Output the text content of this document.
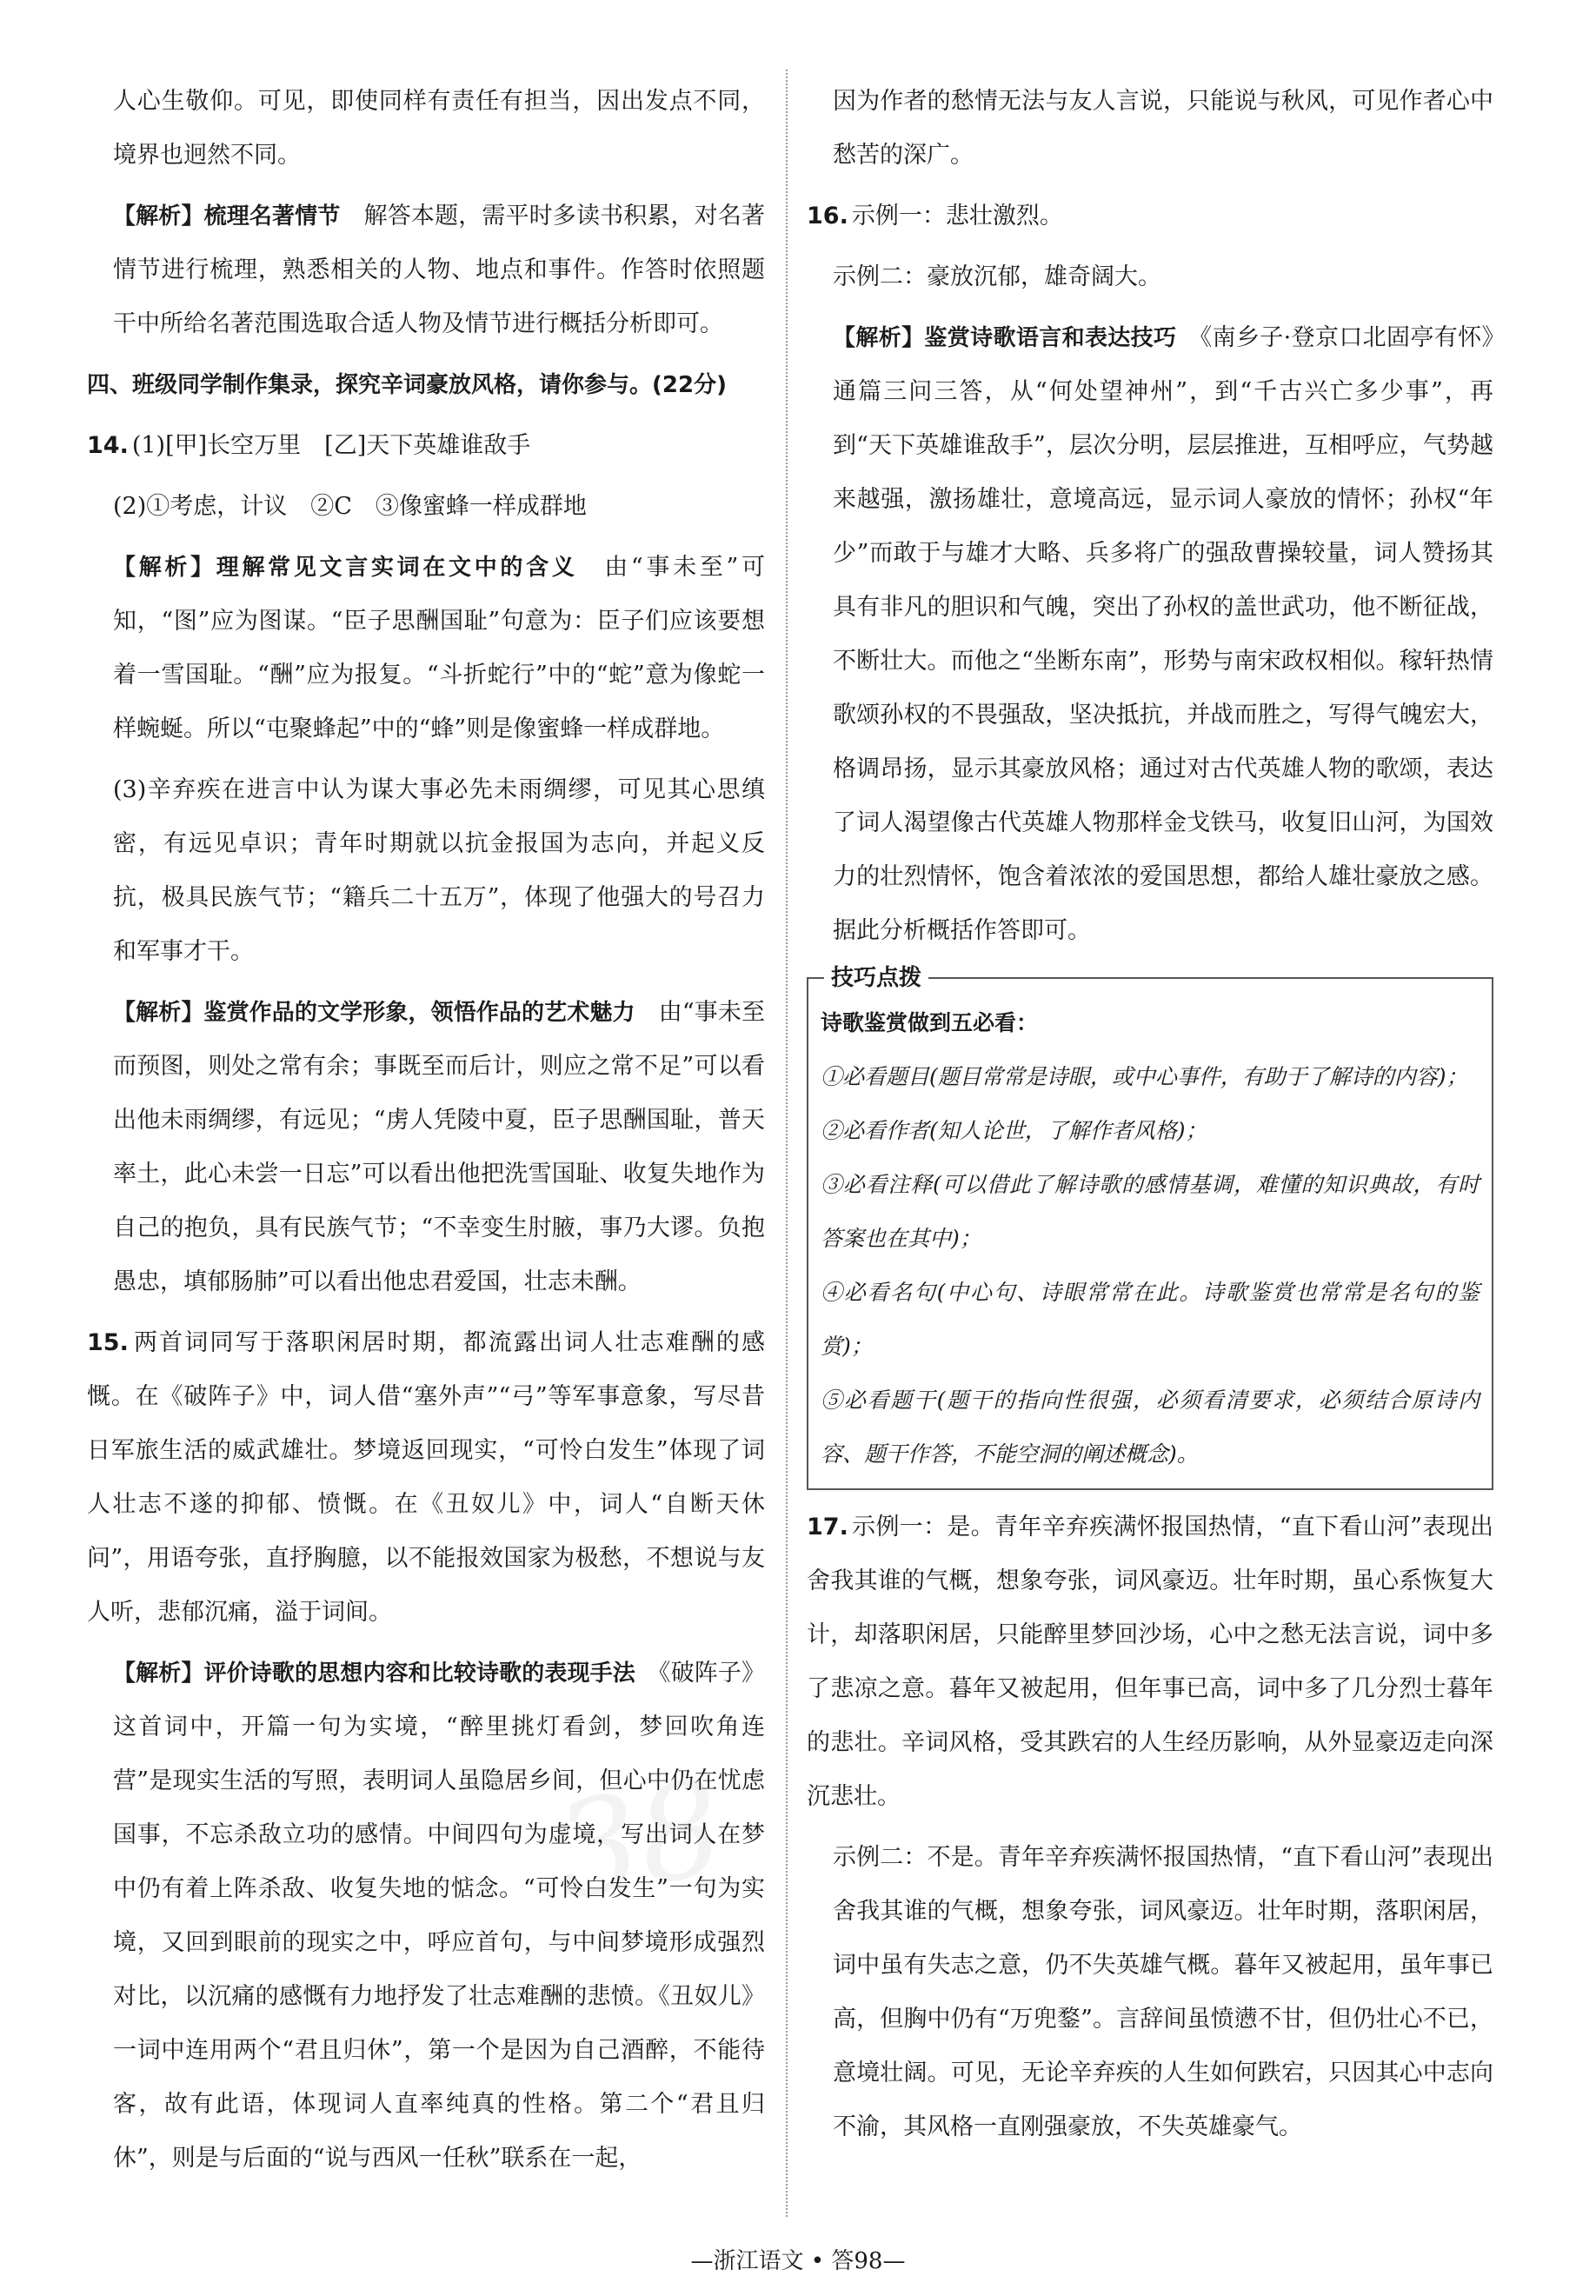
38

人心生敬仰。可见，即使同样有责任有担当，因出发点不同，境界也迥然不同。

【解析】梳理名著情节　解答本题，需平时多读书积累，对名著情节进行梳理，熟悉相关的人物、地点和事件。作答时依照题干中所给名著范围选取合适人物及情节进行概括分析即可。

四、班级同学制作集录，探究辛词豪放风格，请你参与。(22分)

14. (1)[甲]长空万里　[乙]天下英雄谁敌手

(2)①考虑，计议　②C　③像蜜蜂一样成群地

【解析】理解常见文言实词在文中的含义　由“事未至”可知，“图”应为图谋。“臣子思酬国耻”句意为：臣子们应该要想着一雪国耻。“酬”应为报复。“斗折蛇行”中的“蛇”意为像蛇一样蜿蜒。所以“屯聚蜂起”中的“蜂”则是像蜜蜂一样成群地。

(3)辛弃疾在进言中认为谋大事必先未雨绸缪，可见其心思缜密，有远见卓识；青年时期就以抗金报国为志向，并起义反抗，极具民族气节；“籍兵二十五万”，体现了他强大的号召力和军事才干。

【解析】鉴赏作品的文学形象，领悟作品的艺术魅力　由“事未至而预图，则处之常有余；事既至而后计，则应之常不足”可以看出他未雨绸缪，有远见；“虏人凭陵中夏，臣子思酬国耻，普天率土，此心未尝一日忘”可以看出他把洗雪国耻、收复失地作为自己的抱负，具有民族气节；“不幸变生肘腋，事乃大谬。负抱愚忠，填郁肠肺”可以看出他忠君爱国，壮志未酬。

15. 两首词同写于落职闲居时期，都流露出词人壮志难酬的感慨。在《破阵子》中，词人借“塞外声”“弓”等军事意象，写尽昔日军旅生活的威武雄壮。梦境返回现实，“可怜白发生”体现了词人壮志不遂的抑郁、愤慨。在《丑奴儿》中，词人“自断天休问”，用语夸张，直抒胸臆，以不能报效国家为极愁，不想说与友人听，悲郁沉痛，溢于词间。

【解析】评价诗歌的思想内容和比较诗歌的表现手法　《破阵子》这首词中，开篇一句为实境，“醉里挑灯看剑，梦回吹角连营”是现实生活的写照，表明词人虽隐居乡间，但心中仍在忧虑国事，不忘杀敌立功的感情。中间四句为虚境，写出词人在梦中仍有着上阵杀敌、收复失地的惦念。“可怜白发生”一句为实境，又回到眼前的现实之中，呼应首句，与中间梦境形成强烈对比，以沉痛的感慨有力地抒发了壮志难酬的悲愤。《丑奴儿》一词中连用两个“君且归休”，第一个是因为自己酒醉，不能待客，故有此语，体现词人直率纯真的性格。第二个“君且归休”，则是与后面的“说与西风一任秋”联系在一起，

因为作者的愁情无法与友人言说，只能说与秋风，可见作者心中愁苦的深广。

16. 示例一：悲壮激烈。

示例二：豪放沉郁，雄奇阔大。

【解析】鉴赏诗歌语言和表达技巧　《南乡子·登京口北固亭有怀》通篇三问三答，从“何处望神州”，到“千古兴亡多少事”，再到“天下英雄谁敌手”，层次分明，层层推进，互相呼应，气势越来越强，激扬雄壮，意境高远，显示词人豪放的情怀；孙权“年少”而敢于与雄才大略、兵多将广的强敌曹操较量，词人赞扬其具有非凡的胆识和气魄，突出了孙权的盖世武功，他不断征战，不断壮大。而他之“坐断东南”，形势与南宋政权相似。稼轩热情歌颂孙权的不畏强敌，坚决抵抗，并战而胜之，写得气魄宏大，格调昂扬，显示其豪放风格；通过对古代英雄人物的歌颂，表达了词人渴望像古代英雄人物那样金戈铁马，收复旧山河，为国效力的壮烈情怀，饱含着浓浓的爱国思想，都给人雄壮豪放之感。据此分析概括作答即可。

技巧点拨

诗歌鉴赏做到五必看：

①必看题目(题目常常是诗眼，或中心事件，有助于了解诗的内容)；

②必看作者(知人论世，了解作者风格)；

③必看注释(可以借此了解诗歌的感情基调，难懂的知识典故，有时答案也在其中)；

④必看名句(中心句、诗眼常常在此。诗歌鉴赏也常常是名句的鉴赏)；

⑤必看题干(题干的指向性很强，必须看清要求，必须结合原诗内容、题干作答，不能空洞的阐述概念)。

17. 示例一：是。青年辛弃疾满怀报国热情，“直下看山河”表现出舍我其谁的气概，想象夸张，词风豪迈。壮年时期，虽心系恢复大计，却落职闲居，只能醉里梦回沙场，心中之愁无法言说，词中多了悲凉之意。暮年又被起用，但年事已高，词中多了几分烈士暮年的悲壮。辛词风格，受其跌宕的人生经历影响，从外显豪迈走向深沉悲壮。

示例二：不是。青年辛弃疾满怀报国热情，“直下看山河”表现出舍我其谁的气概，想象夸张，词风豪迈。壮年时期，落职闲居，词中虽有失志之意，仍不失英雄气概。暮年又被起用，虽年事已高，但胸中仍有“万兜鍪”。言辞间虽愤懑不甘，但仍壮心不已，意境壮阔。可见，无论辛弃疾的人生如何跌宕，只因其心中志向不渝，其风格一直刚强豪放，不失英雄豪气。

—浙江语文 • 答98—
